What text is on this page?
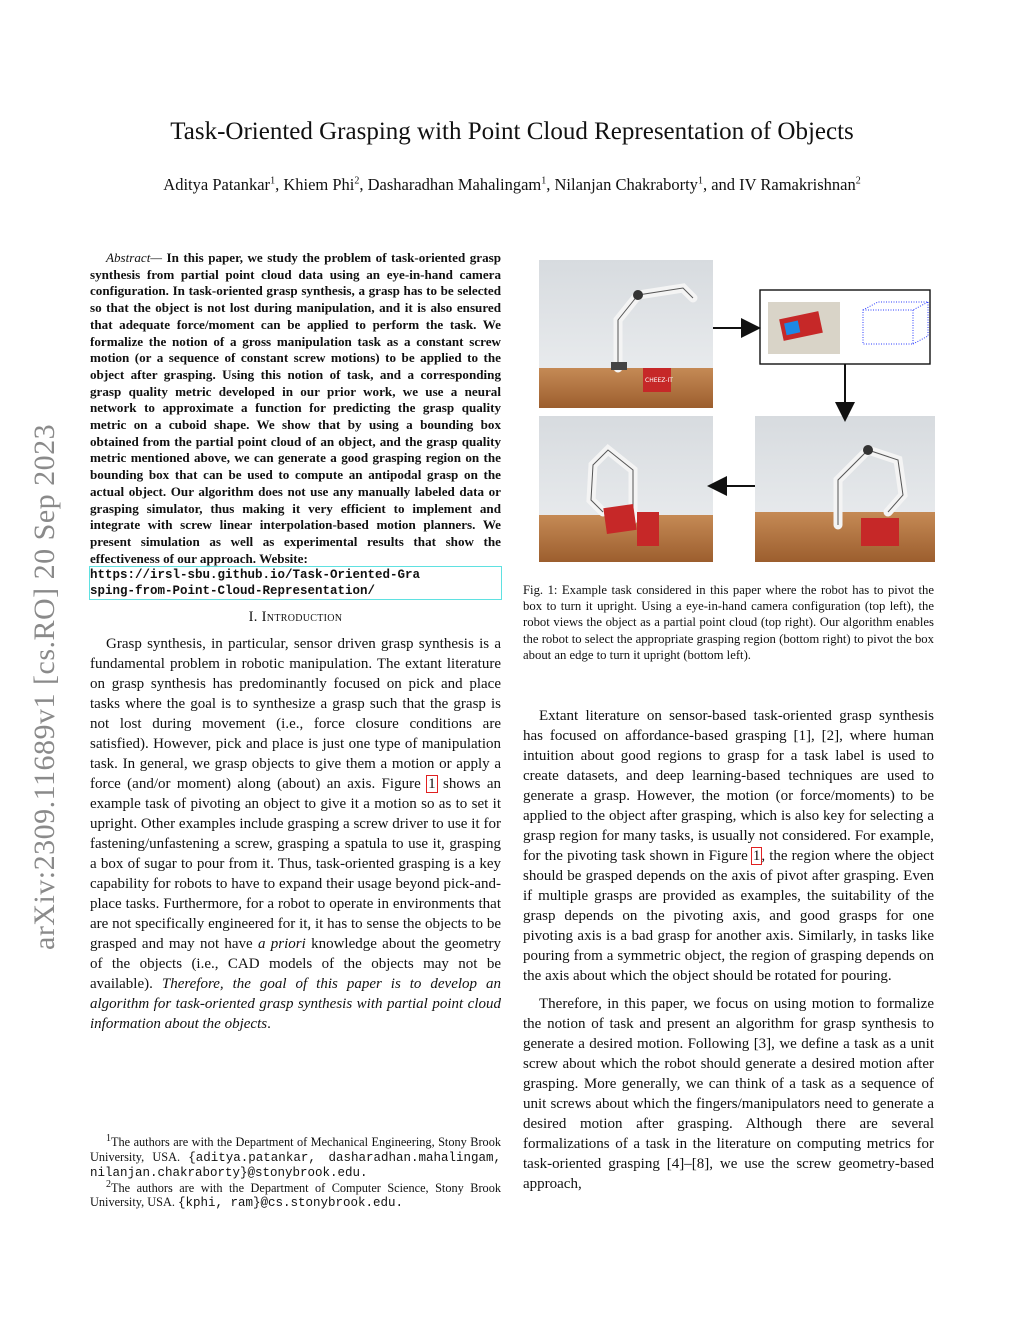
arXiv:2309.11689v1 [cs.RO] 20 Sep 2023
Task-Oriented Grasping with Point Cloud Representation of Objects
Aditya Patankar$^1$, Khiem Phi$^2$, Dasharadhan Mahalingam$^1$, Nilanjan Chakraborty$^1$, and IV Ramakrishnan$^2$

Abstract— In this paper, we study the problem of task-oriented grasp synthesis from partial point cloud data using an eye-in-hand camera configuration. In task-oriented grasp synthesis, a grasp has to be selected so that the object is not lost during manipulation, and it is also ensured that adequate force/moment can be applied to perform the task. We formalize the notion of a gross manipulation task as a constant screw motion (or a sequence of constant screw motions) to be applied to the object after grasping. Using this notion of task, and a corresponding grasp quality metric developed in our prior work, we use a neural network to approximate a function for predicting the grasp quality metric on a cuboid shape. We show that by using a bounding box obtained from the partial point cloud of an object, and the grasp quality metric mentioned above, we can generate a good grasping region on the bounding box that can be used to compute an antipodal grasp on the actual object. Our algorithm does not use any manually labeled data or grasping simulator, thus making it very efficient to implement and integrate with screw linear interpolation-based motion planners. We present simulation as well as experimental results that show the effectiveness of our approach. Website:
https://irsl-sbu.github.io/Task-Oriented-Gra
sping-from-Point-Cloud-Representation/

I. Introduction

Grasp synthesis, in particular, sensor driven grasp synthesis is a fundamental problem in robotic manipulation. The extant literature on grasp synthesis has predominantly focused on pick and place tasks where the goal is to synthesize a grasp such that the grasp is not lost during movement (i.e., force closure conditions are satisfied). However, pick and place is just one type of manipulation task. In general, we grasp objects to give them a motion or apply a force (and/or moment) along (about) an axis. Figure 1 shows an example task of pivoting an object to give it a motion so as to set it upright. Other examples include grasping a screw driver to use it for fastening/unfastening a screw, grasping a spatula to use it, grasping a box of sugar to pour from it. Thus, task-oriented grasping is a key capability for robots to have to expand their usage beyond pick-and-place tasks. Furthermore, for a robot to operate in environments that are not specifically engineered for it, it has to sense the objects to be grasped and may not have a priori knowledge about the geometry of the objects (i.e., CAD models of the objects may not be available). Therefore, the goal of this paper is to develop an algorithm for task-oriented grasp synthesis with partial point cloud information about the objects.

$^1$The authors are with the Department of Mechanical Engineering, Stony Brook University, USA. {aditya.patankar, dasharadhan.mahalingam, nilanjan.chakraborty}@stonybrook.edu.

$^2$The authors are with the Department of Computer Science, Stony Brook University, USA. {kphi, ram}@cs.stonybrook.edu.

CHEEZ-IT

Fig. 1: Example task considered in this paper where the robot has to pivot the box to turn it upright. Using a eye-in-hand camera configuration (top left), the robot views the object as a partial point cloud (top right). Our algorithm enables the robot to select the appropriate grasping region (bottom right) to pivot the box about an edge to turn it upright (bottom left).

Extant literature on sensor-based task-oriented grasp synthesis has focused on affordance-based grasping [1], [2], where human intuition about good regions to grasp for a task label is used to create datasets, and deep learning-based techniques are used to generate a grasp. However, the motion (or force/moments) to be applied to the object after grasping, which is also key for selecting a grasp region for many tasks, is usually not considered. For example, for the pivoting task shown in Figure 1, the region where the object should be grasped depends on the axis of pivot after grasping. Even if multiple grasps are provided as examples, the suitability of the grasp depends on the pivoting axis, and good grasps for one pivoting axis is a bad grasp for another axis. Similarly, in tasks like pouring from a symmetric object, the region of grasping depends on the axis about which the object should be rotated for pouring.

Therefore, in this paper, we focus on using motion to formalize the notion of task and present an algorithm for grasp synthesis to generate a desired motion. Following [3], we define a task as a unit screw about which the robot should generate a desired motion after grasping. More generally, we can think of a task as a sequence of unit screws about which the fingers/manipulators need to generate a desired motion after grasping. Although there are several formalizations of a task in the literature on computing metrics for task-oriented grasping [4]–[8], we use the screw geometry-based approach,
